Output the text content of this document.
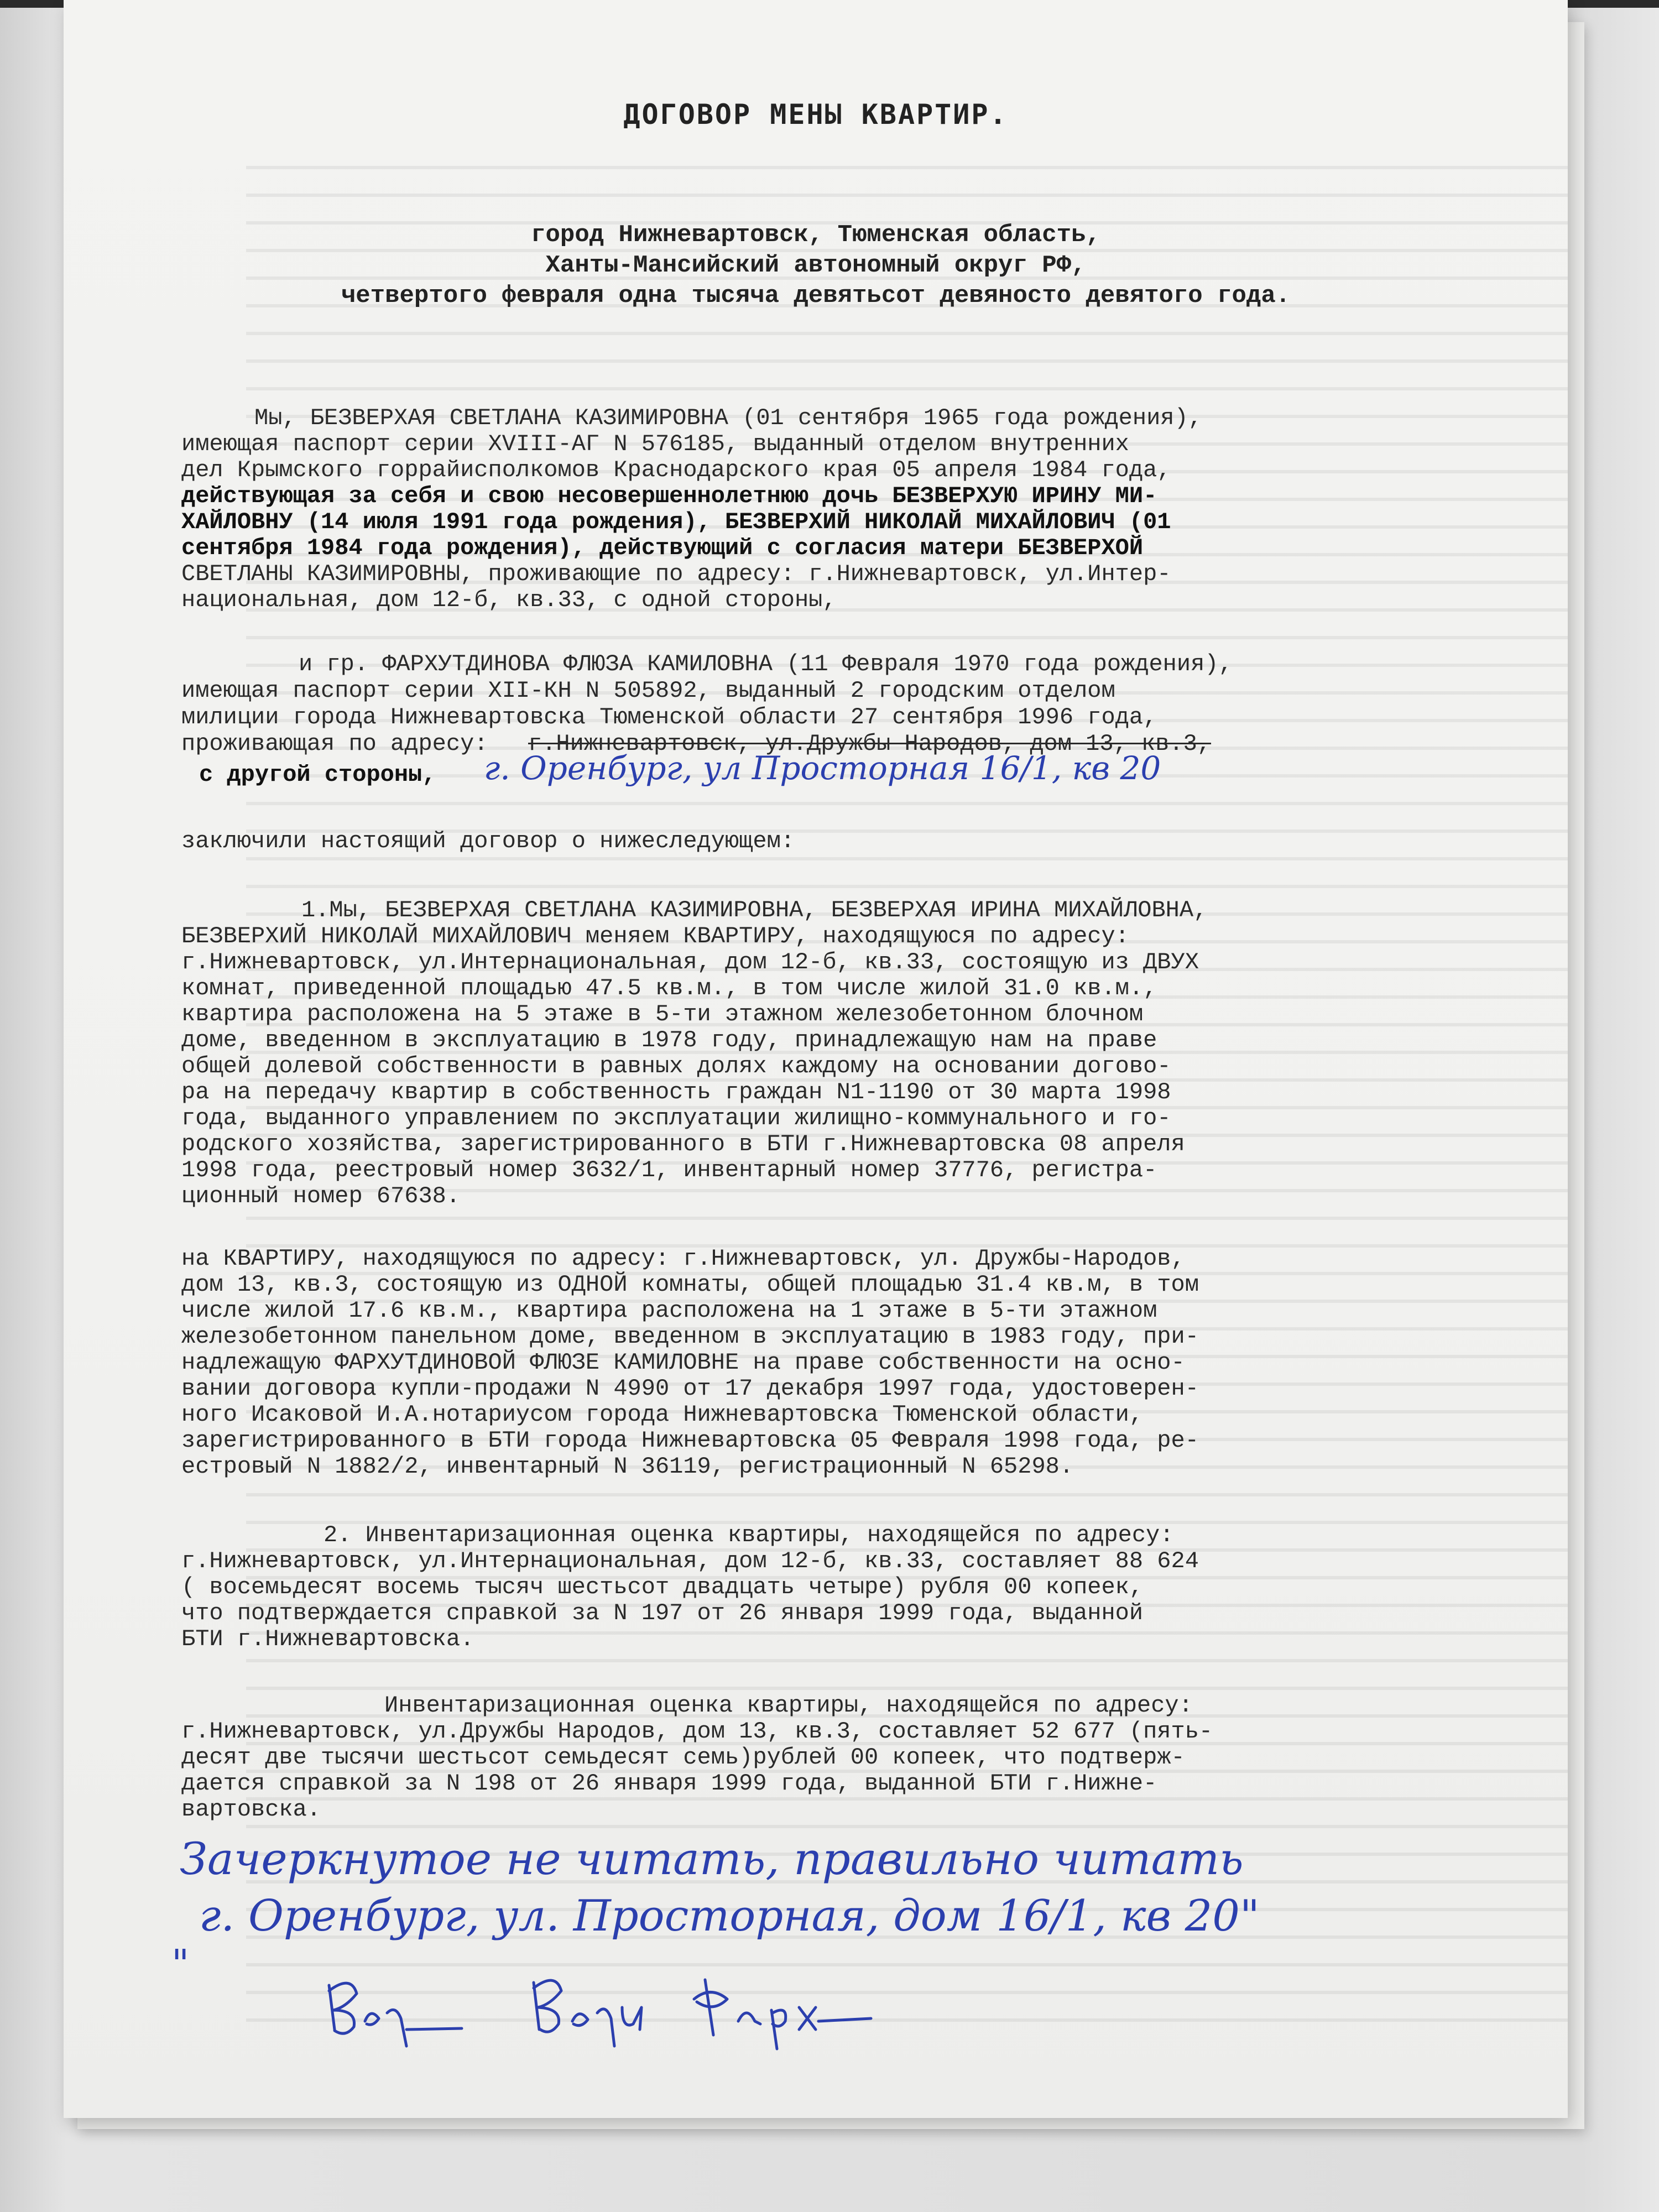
ДОГОВОР МЕНЫ КВАРТИР.
город Нижневартовск, Тюменская область,
Ханты-Мансийский автономный округ РФ,
четвертого февраля одна тысяча девятьсот девяносто девятого года.
Мы, БЕЗВЕРХАЯ СВЕТЛАНА КАЗИМИРОВНА (01 сентября 1965 года рождения),
имеющая паспорт серии XVIII-АГ N 576185, выданный отделом внутренних
дел Крымского горрайисполкомов Краснодарского края 05 апреля 1984 года,
действующая за себя и свою несовершеннолетнюю дочь БЕЗВЕРХУЮ ИРИНУ МИ-
ХАЙЛОВНУ (14 июля 1991 года рождения), БЕЗВЕРХИЙ НИКОЛАЙ МИХАЙЛОВИЧ (01
сентября 1984 года рождения), действующий с согласия матери БЕЗВЕРХОЙ
СВЕТЛАНЫ КАЗИМИРОВНЫ, проживающие по адресу: г.Нижневартовск, ул.Интер-
национальная, дом 12-б, кв.33, с одной стороны,
и гр. ФАРХУТДИНОВА ФЛЮЗА КАМИЛОВНА (11 Февраля 1970 года рождения),
имеющая паспорт серии XII-КН N 505892, выданный 2 городским отделом
милиции города Нижневартовска Тюменской области 27 сентября 1996 года,
проживающая по адресу:	г.Нижневартовск, ул.Дружбы Народов, дом 13, кв.3,
с другой стороны,	г. Оренбург, ул Просторная 16/1, кв 20
заключили настоящий договор о нижеследующем:
1.Мы, БЕЗВЕРХАЯ СВЕТЛАНА КАЗИМИРОВНА, БЕЗВЕРХАЯ ИРИНА МИХАЙЛОВНА,
БЕЗВЕРХИЙ НИКОЛАЙ МИХАЙЛОВИЧ меняем КВАРТИРУ, находящуюся по адресу:
г.Нижневартовск, ул.Интернациональная, дом 12-б, кв.33, состоящую из ДВУХ
комнат, приведенной площадью 47.5 кв.м., в том числе жилой 31.0 кв.м.,
квартира расположена на 5 этаже в 5-ти этажном железобетонном блочном
доме, введенном в эксплуатацию в 1978 году, принадлежащую нам на праве
общей долевой собственности в равных долях каждому на основании догово-
ра на передачу квартир в собственность граждан N1-1190 от 30 марта 1998
года, выданного управлением по эксплуатации жилищно-коммунального и го-
родского хозяйства, зарегистрированного в БТИ г.Нижневартовска 08 апреля
1998 года, реестровый номер 3632/1, инвентарный номер 37776, регистра-
ционный номер 67638.
на КВАРТИРУ, находящуюся по адресу: г.Нижневартовск, ул. Дружбы-Народов,
дом 13, кв.3, состоящую из ОДНОЙ комнаты, общей площадью 31.4 кв.м, в том
числе жилой 17.6 кв.м., квартира расположена на 1 этаже в 5-ти этажном
железобетонном панельном доме, введенном в эксплуатацию в 1983 году, при-
надлежащую ФАРХУТДИНОВОЙ ФЛЮЗЕ КАМИЛОВНЕ на праве собственности на осно-
вании договора купли-продажи N 4990 от 17 декабря 1997 года, удостоверен-
ного Исаковой И.А.нотариусом города Нижневартовска Тюменской области,
зарегистрированного в БТИ города Нижневартовска 05 Февраля 1998 года, ре-
естровый N 1882/2, инвентарный N 36119, регистрационный N 65298.
2. Инвентаризационная оценка квартиры, находящейся по адресу:
г.Нижневартовск, ул.Интернациональная, дом 12-б, кв.33, составляет 88 624
( восемьдесят восемь тысяч шестьсот двадцать четыре) рубля 00 копеек,
что подтверждается справкой за N 197 от 26 января 1999 года, выданной
БТИ г.Нижневартовска.
Инвентаризационная оценка квартиры, находящейся по адресу:
г.Нижневартовск, ул.Дружбы Народов, дом 13, кв.3, составляет 52 677 (пять-
десят две тысячи шестьсот семьдесят семь)рублей 00 копеек, что подтверж-
дается справкой за N 198 от 26 января 1999 года, выданной БТИ г.Нижне-
вартовска.
Зачеркнутое не читать, правильно читать
г. Оренбург, ул. Просторная, дом 16/1, кв 20"
"
